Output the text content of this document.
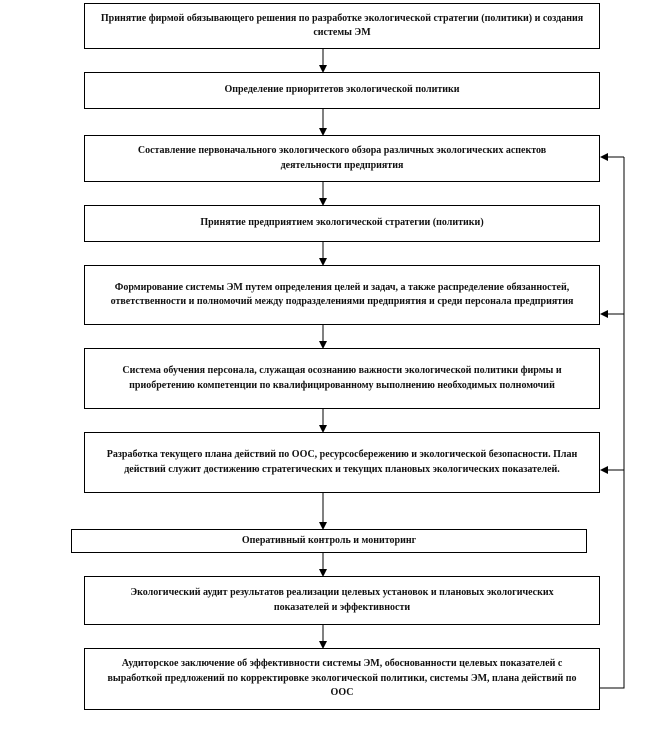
Принятие фирмой обязывающего решения по разработке экологической стратегии (политики) и создания системы ЭМ
Определение приоритетов экологической политики
Составление первоначального экологического обзора различных экологических аспектов деятельности предприятия
Принятие предприятием экологической стратегии (политики)
Формирование системы ЭМ путем определения целей и задач, а также распределение обязанностей, ответственности и полномочий между подразделениями предприятия и среди персонала предприятия
Система обучения персонала, служащая осознанию важности экологической политики фирмы и приобретению компетенции по квалифицированному выполнению необходимых полномочий
Разработка текущего плана действий по ООС, ресурсосбережению и экологической безопасности. План действий служит достижению стратегических и текущих плановых экологических показателей.
Оперативный контроль и мониторинг
Экологический аудит результатов реализации целевых установок и плановых экологических показателей и эффективности
Аудиторское заключение об эффективности системы ЭМ, обоснованности целевых показателей с выработкой предложений по корректировке экологической политики, системы ЭМ, плана действий по ООС
